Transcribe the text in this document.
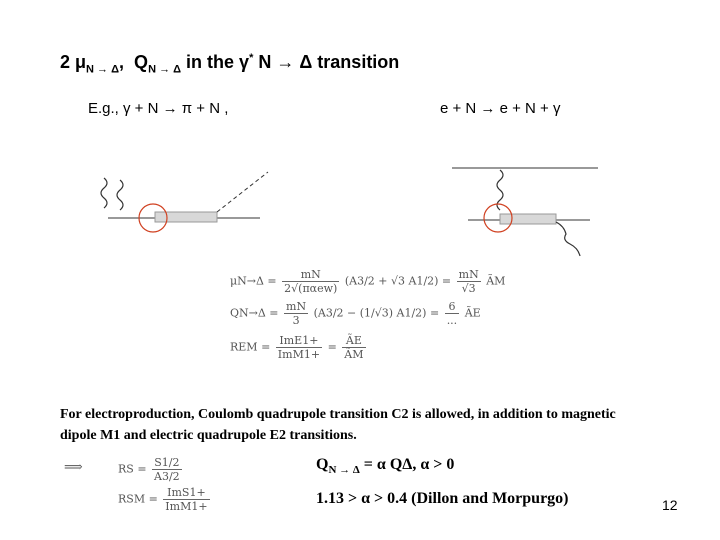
2 $\mu_{N \to \Delta}$, $Q_{N \to \Delta}$ in the γ* N → Δ transition
E.g., γ + N → π + N ,	e + N → e + N + γ
$\mu N\to\Delta = \frac{mN}{\text{2√(παew)}} (A3/2 + √3$ $A1/2) = \frac{mN}{√3}$ ÃM
$QN\to\Delta = \frac{mN}{3} (A3/2 - (1/√3) A1/2) = \frac{6}{...}$ ÃE
REM = $\frac{\text{ImE1+}}{\text{ImM1+}} = \frac{ÃE}{ÃM}$
For electroproduction, Coulomb quadrupole transition C2 is allowed, in addition to magnetic dipole M1 and electric quadrupole E2 transitions.
⟹	RS = $\frac{S1/2}{A3/2}$
RSM = $\frac{\text{ImS1+}}{\text{ImM1+}}$
$Q_{N \to \Delta} = \alpha$ QΔ, α > 0
1.13 > α > 0.4 (Dillon and Morpurgo)	12
